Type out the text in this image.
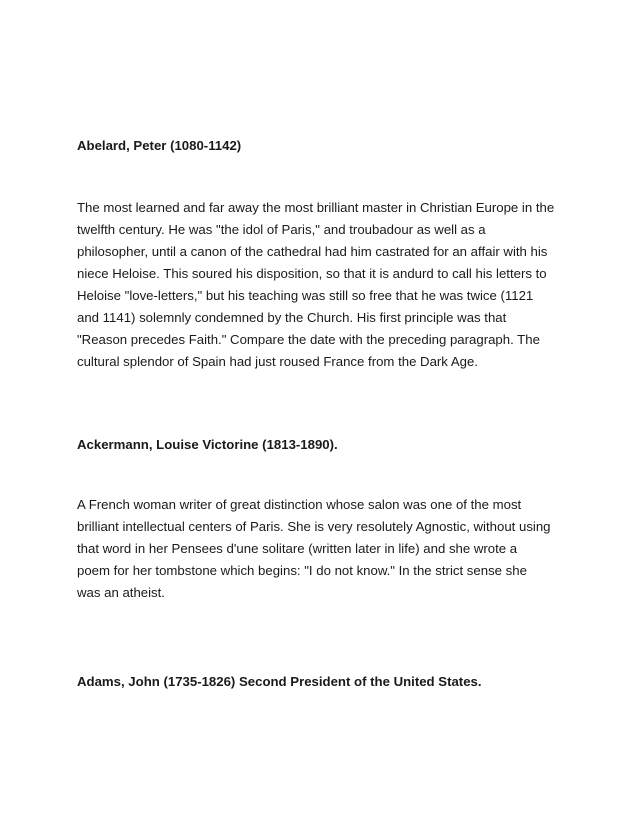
Abelard, Peter (1080-1142)
The most learned and far away the most brilliant master in Christian Europe in the
twelfth century. He was "the idol of Paris," and troubadour as well as a
philosopher, until a canon of the cathedral had him castrated for an affair with his
niece Heloise. This soured his disposition, so that it is andurd to call his letters to
Heloise "love-letters," but his teaching was still so free that he was twice (1121
and 1141) solemnly condemned by the Church. His first principle was that
"Reason precedes Faith." Compare the date with the preceding paragraph. The
cultural splendor of Spain had just roused France from the Dark Age.
Ackermann, Louise Victorine (1813-1890).
A French woman writer of great distinction whose salon was one of the most
brilliant intellectual centers of Paris. She is very resolutely Agnostic, without using
that word in her Pensees d'une solitare (written later in life) and she wrote a
poem for her tombstone which begins: "I do not know." In the strict sense she
was an atheist.
Adams, John (1735-1826) Second President of the United States.
